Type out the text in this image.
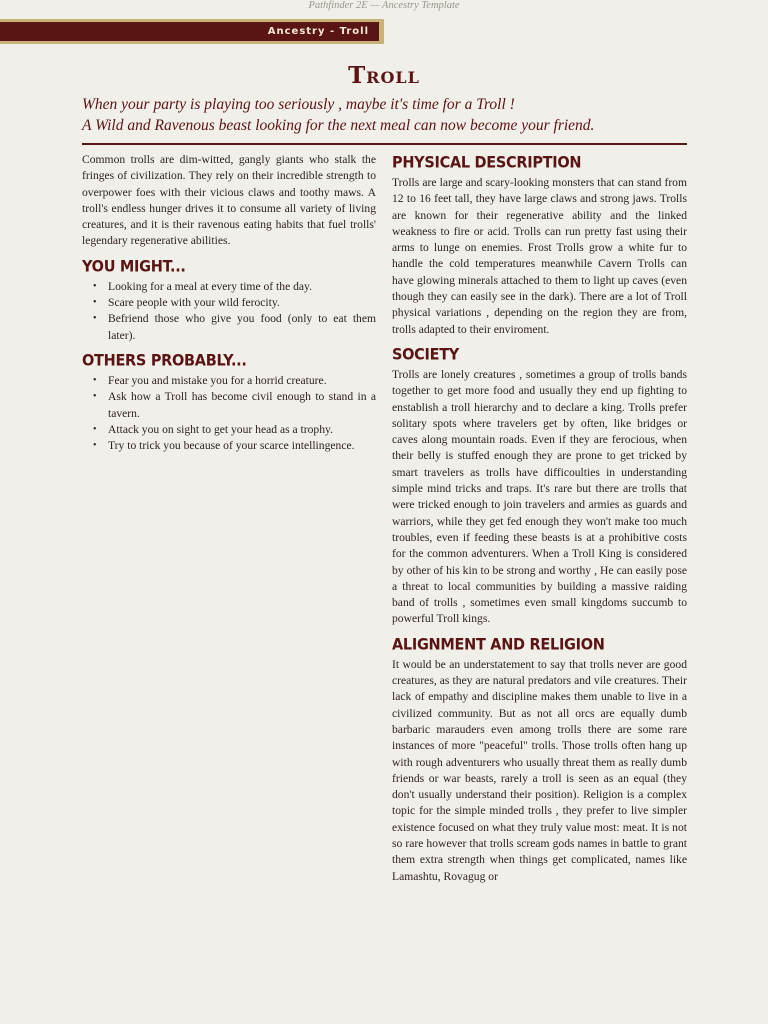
Pathfinder 2E — Ancestry Template
Ancestry - Troll
Troll
When your party is playing too seriously , maybe it's time for a Troll !
A Wild and Ravenous beast looking for the next meal can now become your friend.

Common trolls are dim-witted, gangly giants who stalk the fringes of civilization. They rely on their incredible strength to overpower foes with their vicious claws and toothy maws. A troll's endless hunger drives it to consume all variety of living creatures, and it is their ravenous eating habits that fuel trolls' legendary regenerative abilities.

YOU MIGHT...
• Looking for a meal at every time of the day.
• Scare people with your wild ferocity.
• Befriend those who give you food (only to eat them later).
OTHERS PROBABLY...
• Fear you and mistake you for a horrid creature.
• Ask how a Troll has become civil enough to stand in a tavern.
• Attack you on sight to get your head as a trophy.
• Try to trick you because of your scarce intellingence.
PHYSICAL DESCRIPTION

Trolls are large and scary-looking monsters that can stand from 12 to 16 feet tall, they have large claws and strong jaws. Trolls are known for their regenerative ability and the linked weakness to fire or acid. Trolls can run pretty fast using their arms to lunge on enemies. Frost Trolls grow a white fur to handle the cold temperatures meanwhile Cavern Trolls can have glowing minerals attached to them to light up caves (even though they can easily see in the dark). There are a lot of Troll physical variations , depending on the region they are from, trolls adapted to their enviroment.

SOCIETY

Trolls are lonely creatures , sometimes a group of trolls bands together to get more food and usually they end up fighting to enstablish a troll hierarchy and to declare a king. Trolls prefer solitary spots where travelers get by often, like bridges or caves along mountain roads. Even if they are ferocious, when their belly is stuffed enough they are prone to get tricked by smart travelers as trolls have difficoulties in understanding simple mind tricks and traps. It's rare but there are trolls that were tricked enough to join travelers and armies as guards and warriors, while they get fed enough they won't make too much troubles, even if feeding these beasts is at a prohibitive costs for the common adventurers. When a Troll King is considered by other of his kin to be strong and worthy , He can easily pose a threat to local communities by building a massive raiding band of trolls , sometimes even small kingdoms succumb to powerful Troll kings.

ALIGNMENT AND RELIGION

It would be an understatement to say that trolls never are good creatures, as they are natural predators and vile creatures. Their lack of empathy and discipline makes them unable to live in a civilized community. But as not all orcs are equally dumb barbaric marauders even among trolls there are some rare instances of more "peaceful" trolls. Those trolls often hang up with rough adventurers who usually threat them as really dumb friends or war beasts, rarely a troll is seen as an equal (they don't usually understand their position). Religion is a complex topic for the simple minded trolls , they prefer to live simpler existence focused on what they truly value most: meat. It is not so rare however that trolls scream gods names in battle to grant them extra strength when things get complicated, names like Lamashtu, Rovagug or
